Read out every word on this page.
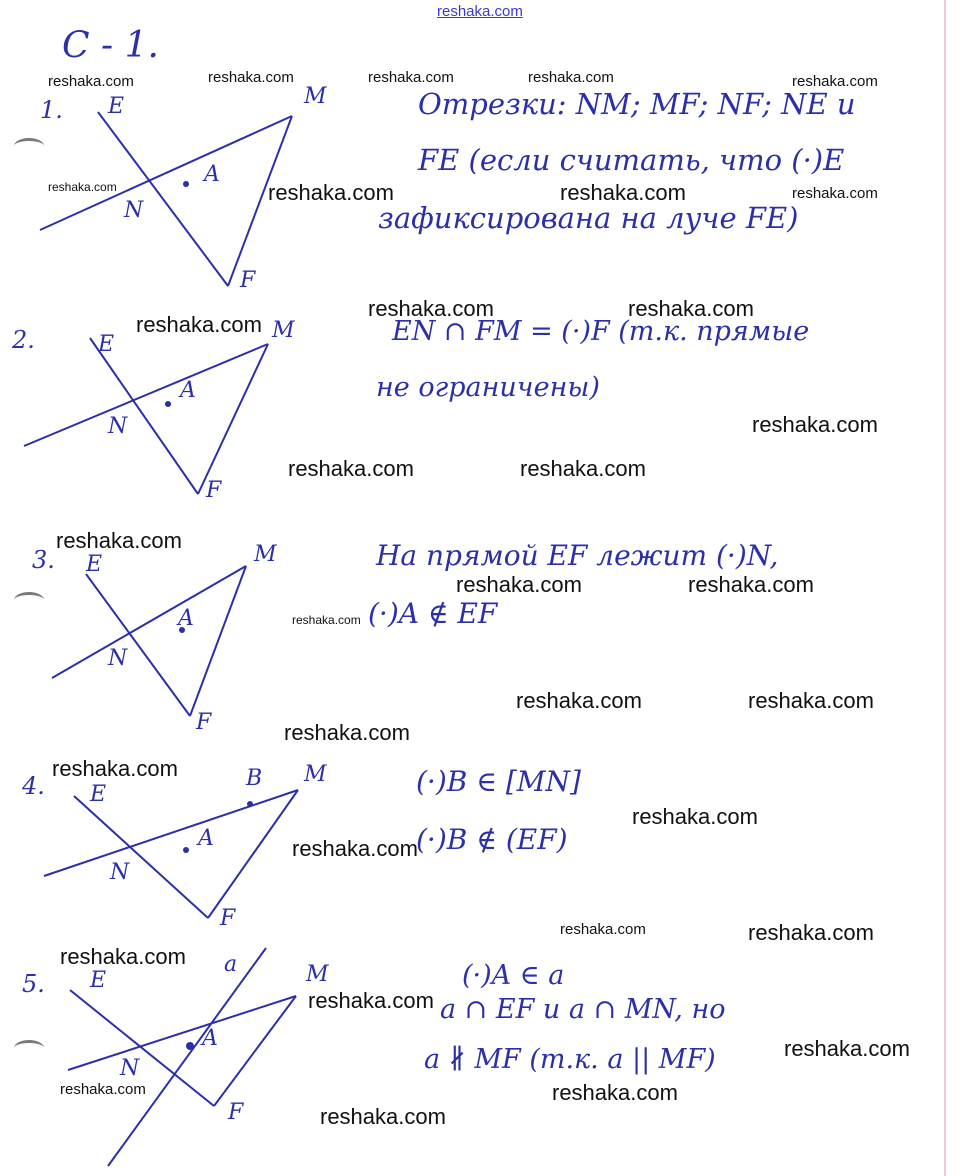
reshaka.com
С - 1.
1. E	M
N
A
F
2.	E
M
N
A
F
3. E	M
N
A
F
4. E
M
B
N
A
F
5. E	M
a
N
A
F
Отрезки: NM; MF; NF; NE и
FE (если считать, что (·)E
зафиксирована на луче FE)
EN ∩ FM = (·)F (т.к. прямые
не ограничены)
На прямой EF лежит (·)N,
(·)A ∉ EF
(·)B ∈ [MN]
(·)B ∉ (EF)
(·)A ∈ a
a ∩ EF и a ∩ MN, но
a ∦ MF (т.к. a || MF)
reshaka.com	reshaka.com	reshaka.com	reshaka.com	reshaka.com
reshaka.com	reshaka.com	reshaka.com	reshaka.com
reshaka.com	reshaka.com
reshaka.com
reshaka.com
reshaka.com	reshaka.com
reshaka.com
reshaka.com	reshaka.com
reshaka.com
reshaka.com	reshaka.com
reshaka.com
reshaka.com
reshaka.com
reshaka.com
reshaka.com	reshaka.com
reshaka.com
reshaka.com
reshaka.com
reshaka.com	reshaka.com
reshaka.com
